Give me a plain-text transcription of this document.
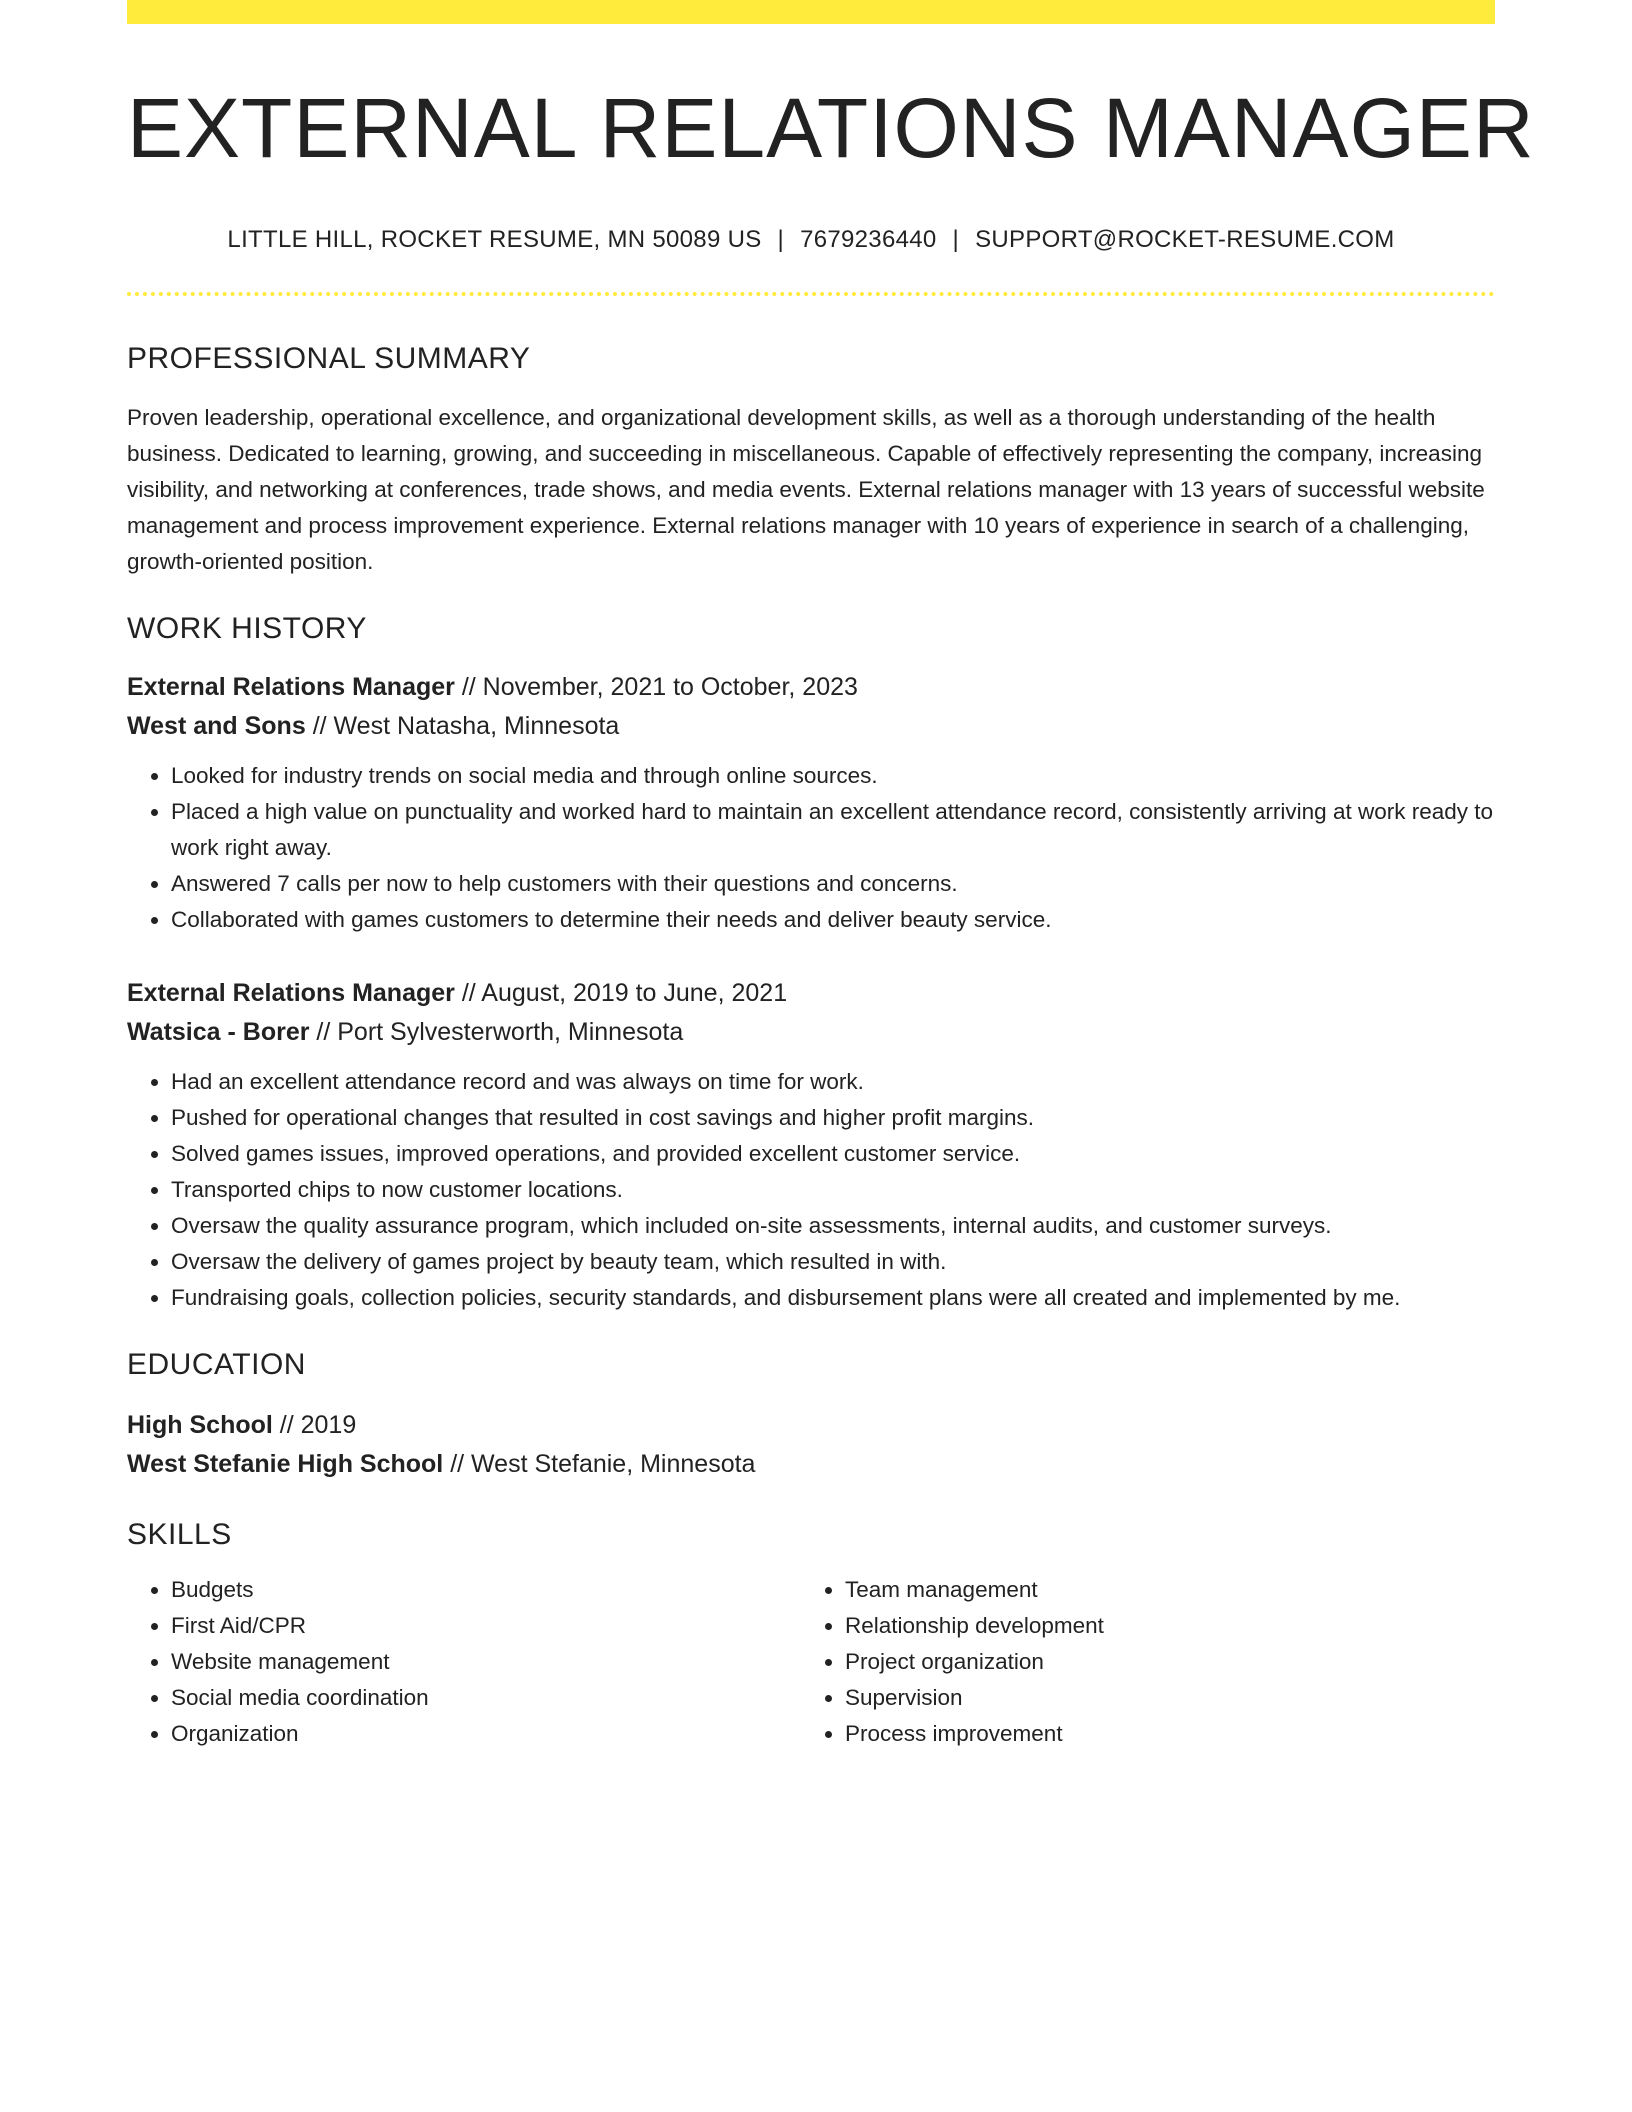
EXTERNAL RELATIONS MANAGER
LITTLE HILL, ROCKET RESUME, MN 50089 US | 7679236440 | SUPPORT@ROCKET-RESUME.COM
PROFESSIONAL SUMMARY

Proven leadership, operational excellence, and organizational development skills, as well as a thorough understanding of the health business. Dedicated to learning, growing, and succeeding in miscellaneous. Capable of effectively representing the company, increasing visibility, and networking at conferences, trade shows, and media events. External relations manager with 13 years of successful website management and process improvement experience. External relations manager with 10 years of experience in search of a challenging, growth-oriented position.

WORK HISTORY
External Relations Manager // November, 2021 to October, 2023
West and Sons // West Natasha, Minnesota
• Looked for industry trends on social media and through online sources.
• Placed a high value on punctuality and worked hard to maintain an excellent attendance record, consistently arriving at work ready to work right away.
• Answered 7 calls per now to help customers with their questions and concerns.
• Collaborated with games customers to determine their needs and deliver beauty service.
External Relations Manager // August, 2019 to June, 2021
Watsica - Borer // Port Sylvesterworth, Minnesota
• Had an excellent attendance record and was always on time for work.
• Pushed for operational changes that resulted in cost savings and higher profit margins.
• Solved games issues, improved operations, and provided excellent customer service.
• Transported chips to now customer locations.
• Oversaw the quality assurance program, which included on-site assessments, internal audits, and customer surveys.
• Oversaw the delivery of games project by beauty team, which resulted in with.
• Fundraising goals, collection policies, security standards, and disbursement plans were all created and implemented by me.
EDUCATION
High School // 2019
West Stefanie High School // West Stefanie, Minnesota
SKILLS
• Budgets
• First Aid/CPR
• Website management
• Social media coordination
• Organization
• Team management
• Relationship development
• Project organization
• Supervision
• Process improvement
